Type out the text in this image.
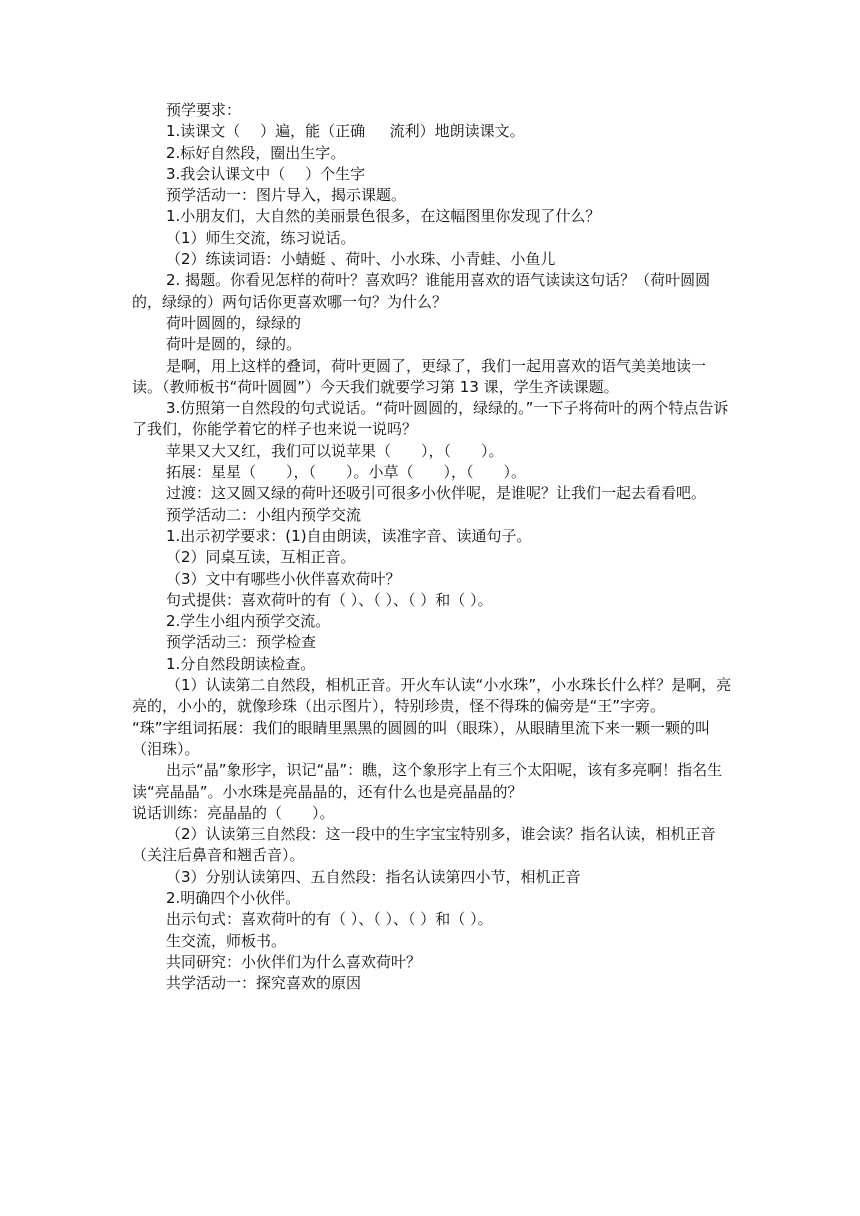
预学要求：

1.读课文（　 ）遍，能（正确　  流利）地朗读课文。

2.标好自然段，圈出生字。

3.我会认课文中（　 ）个生字

预学活动一：图片导入，揭示课题。

1.小朋友们，大自然的美丽景色很多，在这幅图里你发现了什么？

（1）师生交流，练习说话。

（2）练读词语：小蜻蜓 、荷叶、小水珠、小青蛙、小鱼儿

2. 揭题。你看见怎样的荷叶？喜欢吗？谁能用喜欢的语气读读这句话？（荷叶圆圆的，绿绿的）两句话你更喜欢哪一句？为什么？

荷叶圆圆的，绿绿的

荷叶是圆的，绿的。

是啊，用上这样的叠词，荷叶更圆了，更绿了，我们一起用喜欢的语气美美地读一读。（教师板书“荷叶圆圆”）今天我们就要学习第 13 课，学生齐读课题。

3.仿照第一自然段的句式说话。“荷叶圆圆的，绿绿的。”一下子将荷叶的两个特点告诉了我们，你能学着它的样子也来说一说吗？

苹果又大又红，我们可以说苹果（　　），（　　）。

拓展：星星（　　），（　　）。小草（　　），（　　）。

过渡：这又圆又绿的荷叶还吸引可很多小伙伴呢，是谁呢？让我们一起去看看吧。

预学活动二：小组内预学交流

1.出示初学要求：(1)自由朗读，读准字音、读通句子。

（2）同桌互读，互相正音。

（3）文中有哪些小伙伴喜欢荷叶？

句式提供：喜欢荷叶的有（ ）、（ ）、（ ）和（ ）。

2.学生小组内预学交流。

预学活动三：预学检查

1.分自然段朗读检查。

（1）认读第二自然段，相机正音。开火车认读“小水珠”，小水珠长什么样？是啊，亮亮的，小小的，就像珍珠（出示图片），特别珍贵，怪不得珠的偏旁是“王”字旁。

“珠”字组词拓展：我们的眼睛里黑黑的圆圆的叫（眼珠），从眼睛里流下来一颗一颗的叫（泪珠）。

出示“晶”象形字，识记“晶”：瞧，这个象形字上有三个太阳呢，该有多亮啊！指名生读“亮晶晶”。小水珠是亮晶晶的，还有什么也是亮晶晶的？

说话训练：亮晶晶的（　　）。

（2）认读第三自然段：这一段中的生字宝宝特别多，谁会读？指名认读，相机正音（关注后鼻音和翘舌音）。

（3）分别认读第四、五自然段：指名认读第四小节，相机正音

2.明确四个小伙伴。

出示句式：喜欢荷叶的有（ ）、（ ）、（ ）和（ ）。

生交流，师板书。

共同研究：小伙伴们为什么喜欢荷叶？

共学活动一：探究喜欢的原因
